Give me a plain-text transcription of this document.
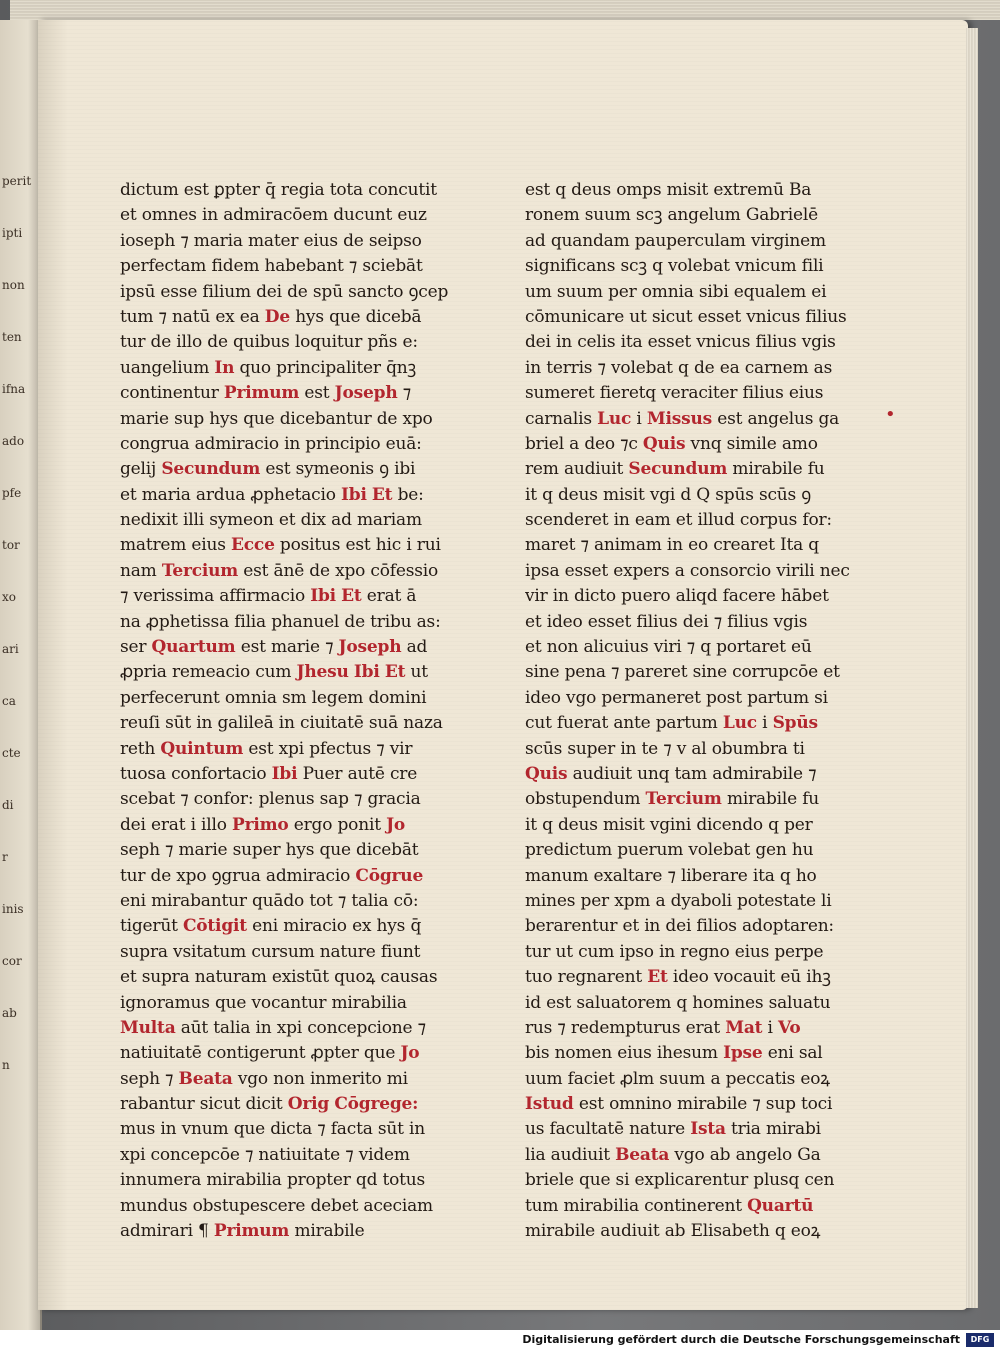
dictum est ꝑpter q̄ regia tota concutit
et omnes in admiracōem ducunt euz
ioseph ⁊ maria mater eius de seipso
perfectam fidem habebant ⁊ sciebāt
ipsū esse filium dei de spū sancto ꝯcep
tum ⁊ natū ex ea De hys que dicebā
tur de illo de quibus loquitur pñs e:
uangelium In quo principaliter q̄nꝫ
continentur Primum est Joseph ⁊
marie sup hys que dicebantur de xpo
congrua admiracio in principio euā:
gelij Secundum est symeonis ꝯ ibi
et maria ardua ꝓphetacio Ibi Et be:
nedixit illi symeon et dix ad mariam
matrem eius Ecce positus est hic i rui
nam Tercium est ānē de xpo cōfessio
⁊ verissima affirmacio Ibi Et erat ā
na ꝓphetissa filia phanuel de tribu as:
ser Quartum est marie ⁊ Joseph ad
ꝓpria remeacio cum Jhesu Ibi Et ut
perfecerunt omnia sm legem domini
reuſi sūt in galileā in ciuitatē suā naza
reth Quintum est xpi pfectus ⁊ vir
tuosa confortacio Ibi Puer autē cre
scebat ⁊ confor: plenus sap ⁊ gracia
dei erat i illo Primo ergo ponit Jo
seph ⁊ marie super hys que dicebāt
tur de xpo ꝯgrua admiracio Cōgrue
eni mirabantur quādo tot ⁊ talia cō:
tigerūt Cōtigit eni miracio ex hys q̄
supra vsitatum cursum nature fiunt
et supra naturam existūt quoꝝ causas
ignoramus que vocantur mirabilia
Multa aūt talia in xpi concepcione ⁊
natiuitatē contigerunt ꝓpter que Jo
seph ⁊ Beata vgo non inmerito mi
rabantur sicut dicit Orig Cōgrege:
mus in vnum que dicta ⁊ facta sūt in
xpi concepcōe ⁊ natiuitate ⁊ videm
innumera mirabilia propter qd totus
mundus obstupescere debet aceciam
admirari ¶ Primum mirabile
est q deus omps misit extremū Ba
ronem suum scꝫ angelum Gabrielē
ad quandam pauperculam virginem
significans scꝫ q volebat vnicum fili
um suum per omnia sibi equalem ei
cōmunicare ut sicut esset vnicus filius
dei in celis ita esset vnicus filius vgis
in terris ⁊ volebat q de ea carnem as
sumeret fieretq veraciter filius eius
carnalis Luc i Missus est angelus ga
briel a deo ⁊c Quis vnq simile amo
rem audiuit Secundum mirabile fu
it q deus misit vgi d Q spūs scūs ꝯ
scenderet in eam et illud corpus for:
maret ⁊ animam in eo crearet Ita q
ipsa esset expers a consorcio virili nec
vir in dicto puero aliqd facere hābet
et ideo esset filius dei ⁊ filius vgis
et non alicuius viri ⁊ q portaret eū
sine pena ⁊ pareret sine corrupcōe et
ideo vgo permaneret post partum si
cut fuerat ante partum Luc i Spūs
scūs super in te ⁊ v al obumbra ti
Quis audiuit unq tam admirabile ⁊
obstupendum Tercium mirabile fu
it q deus misit vgini dicendo q per
predictum puerum volebat gen hu
manum exaltare ⁊ liberare ita q ho
mines per xpm a dyaboli potestate li
berarentur et in dei filios adoptaren:
tur ut cum ipso in regno eius perpe
tuo regnarent Et ideo vocauit eū ihꝫ
id est saluatorem q homines saluatu
rus ⁊ redempturus erat Mat i Vo
bis nomen eius ihesum Ipse eni sal
uum faciet ꝓlm suum a peccatis eoꝝ
Istud est omnino mirabile ⁊ sup toci
us facultatē nature Ista tria mirabi
lia audiuit Beata vgo ab angelo Ga
briele que si explicarentur plusq cen
tum mirabilia continerent Quartū
mirabile audiuit ab Elisabeth q eoꝝ
•
perit
ipti
non
ten
ifna
ado
pfe
tor
xo
ari
ca
cte
di
r
inis
cor
ab
n
Digitalisierung gefördert durch die Deutsche Forschungsgemeinschaft	DFG
